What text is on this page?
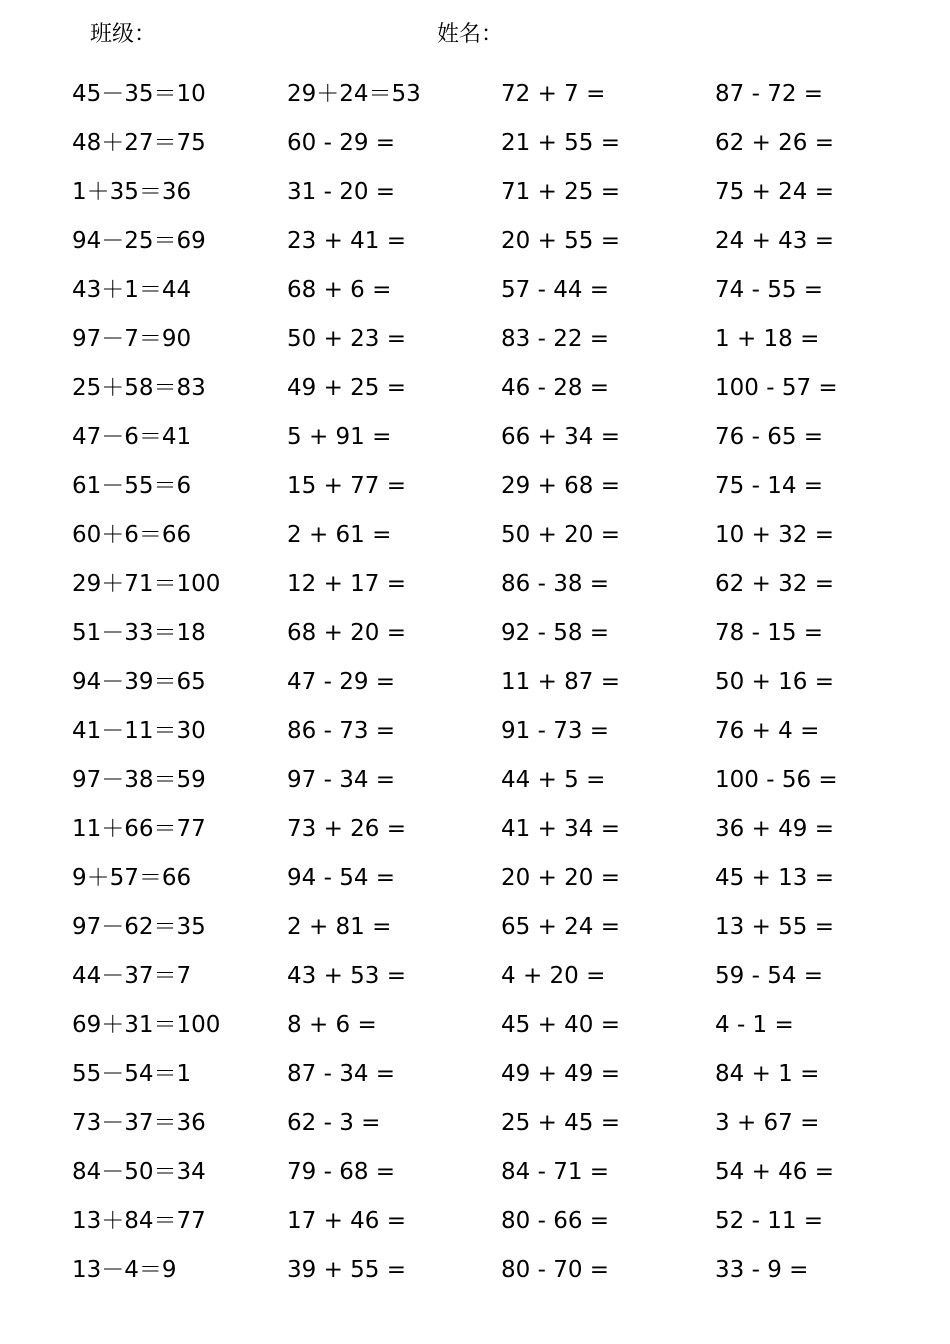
班级：	姓名：
45－35＝10	29＋24＝53	72 + 7 =	87 - 72 =
48＋27＝75	60 - 29 =	21 + 55 =	62 + 26 =
1＋35＝36	31 - 20 =	71 + 25 =	75 + 24 =
94－25＝69	23 + 41 =	20 + 55 =	24 + 43 =
43＋1＝44	68 + 6 =	57 - 44 =	74 - 55 =
97－7＝90	50 + 23 =	83 - 22 =	1 + 18 =
25＋58＝83	49 + 25 =	46 - 28 =	100 - 57 =
47－6＝41	5 + 91 =	66 + 34 =	76 - 65 =
61－55＝6	15 + 77 =	29 + 68 =	75 - 14 =
60＋6＝66	2 + 61 =	50 + 20 =	10 + 32 =
29＋71＝100	12 + 17 =	86 - 38 =	62 + 32 =
51－33＝18	68 + 20 =	92 - 58 =	78 - 15 =
94－39＝65	47 - 29 =	11 + 87 =	50 + 16 =
41－11＝30	86 - 73 =	91 - 73 =	76 + 4 =
97－38＝59	97 - 34 =	44 + 5 =	100 - 56 =
11＋66＝77	73 + 26 =	41 + 34 =	36 + 49 =
9＋57＝66	94 - 54 =	20 + 20 =	45 + 13 =
97－62＝35	2 + 81 =	65 + 24 =	13 + 55 =
44－37＝7	43 + 53 =	4 + 20 =	59 - 54 =
69＋31＝100	8 + 6 =	45 + 40 =	4 - 1 =
55－54＝1	87 - 34 =	49 + 49 =	84 + 1 =
73－37＝36	62 - 3 =	25 + 45 =	3 + 67 =
84－50＝34	79 - 68 =	84 - 71 =	54 + 46 =
13＋84＝77	17 + 46 =	80 - 66 =	52 - 11 =
13－4＝9	39 + 55 =	80 - 70 =	33 - 9 =
